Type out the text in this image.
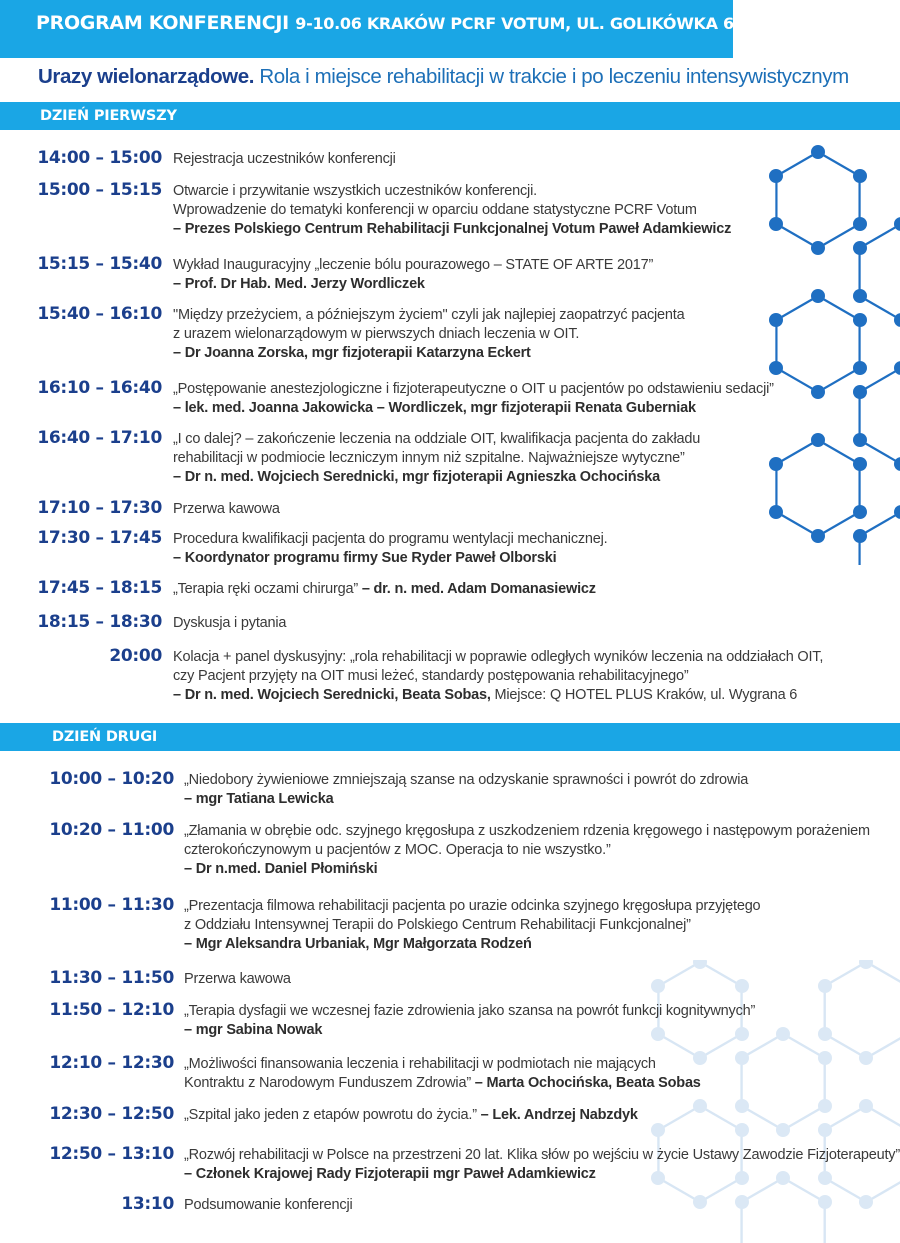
PROGRAM KONFERENCJI 9-10.06 KRAKÓW PCRF VOTUM, UL. GOLIKÓWKA 6
Urazy wielonarządowe. Rola i miejsce rehabilitacji w trakcie i po leczeniu intensywistycznym
DZIEŃ PIERWSZY
14:00 – 15:00 Rejestracja uczestników konferencji
15:00 – 15:15 Otwarcie i przywitanie wszystkich uczestników konferencji.
Wprowadzenie do tematyki konferencji w oparciu oddane statystyczne PCRF Votum
– Prezes Polskiego Centrum Rehabilitacji Funkcjonalnej Votum Paweł Adamkiewicz
15:15 – 15:40 Wykład Inauguracyjny „leczenie bólu pourazowego – STATE OF ARTE 2017”
– Prof. Dr Hab. Med. Jerzy Wordliczek
15:40 – 16:10 "Między przeżyciem, a późniejszym życiem" czyli jak najlepiej zaopatrzyć pacjenta
z urazem wielonarządowym w pierwszych dniach leczenia w OIT.
– Dr Joanna Zorska, mgr fizjoterapii Katarzyna Eckert
16:10 – 16:40 „Postępowanie anestezjologiczne i fizjoterapeutyczne o OIT u pacjentów po odstawieniu sedacji”
– lek. med. Joanna Jakowicka – Wordliczek, mgr fizjoterapii Renata Guberniak
16:40 – 17:10 „I co dalej? – zakończenie leczenia na oddziale OIT, kwalifikacja pacjenta do zakładu
rehabilitacji w podmiocie leczniczym innym niż szpitalne. Najważniejsze wytyczne”
– Dr n. med. Wojciech Serednicki, mgr fizjoterapii Agnieszka Ochocińska
17:10 – 17:30 Przerwa kawowa
17:30 – 17:45 Procedura kwalifikacji pacjenta do programu wentylacji mechanicznej.
– Koordynator programu firmy Sue Ryder Paweł Olborski
17:45 – 18:15 „Terapia ręki oczami chirurga” – dr. n. med. Adam Domanasiewicz
18:15 – 18:30 Dyskusja i pytania
20:00 Kolacja + panel dyskusyjny: „rola rehabilitacji w poprawie odległych wyników leczenia na oddziałach OIT,
czy Pacjent przyjęty na OIT musi leżeć, standardy postępowania rehabilitacyjnego”
– Dr n. med. Wojciech Serednicki, Beata Sobas, Miejsce: Q HOTEL PLUS Kraków, ul. Wygrana 6
DZIEŃ DRUGI
10:00 – 10:20 „Niedobory żywieniowe zmniejszają szanse na odzyskanie sprawności i powrót do zdrowia
– mgr Tatiana Lewicka
10:20 – 11:00 „Złamania w obrębie odc. szyjnego kręgosłupa z uszkodzeniem rdzenia kręgowego i następowym porażeniem
czterokończynowym u pacjentów z MOC. Operacja to nie wszystko.”
– Dr n.med. Daniel Płomiński
11:00 – 11:30 „Prezentacja filmowa rehabilitacji pacjenta po urazie odcinka szyjnego kręgosłupa przyjętego
z Oddziału Intensywnej Terapii do Polskiego Centrum Rehabilitacji Funkcjonalnej”
– Mgr Aleksandra Urbaniak, Mgr Małgorzata Rodzeń
11:30 – 11:50 Przerwa kawowa
11:50 – 12:10 „Terapia dysfagii we wczesnej fazie zdrowienia jako szansa na powrót funkcji kognitywnych”
– mgr Sabina Nowak
12:10 – 12:30 „Możliwości finansowania leczenia i rehabilitacji w podmiotach nie mających
Kontraktu z Narodowym Funduszem Zdrowia” – Marta Ochocińska, Beata Sobas
12:30 – 12:50 „Szpital jako jeden z etapów powrotu do życia.” – Lek. Andrzej Nabzdyk
12:50 – 13:10 „Rozwój rehabilitacji w Polsce na przestrzeni 20 lat. Klika słów po wejściu w życie Ustawy Zawodzie Fizjoterapeuty”
– Członek Krajowej Rady Fizjoterapii mgr Paweł Adamkiewicz
13:10 Podsumowanie konferencji
